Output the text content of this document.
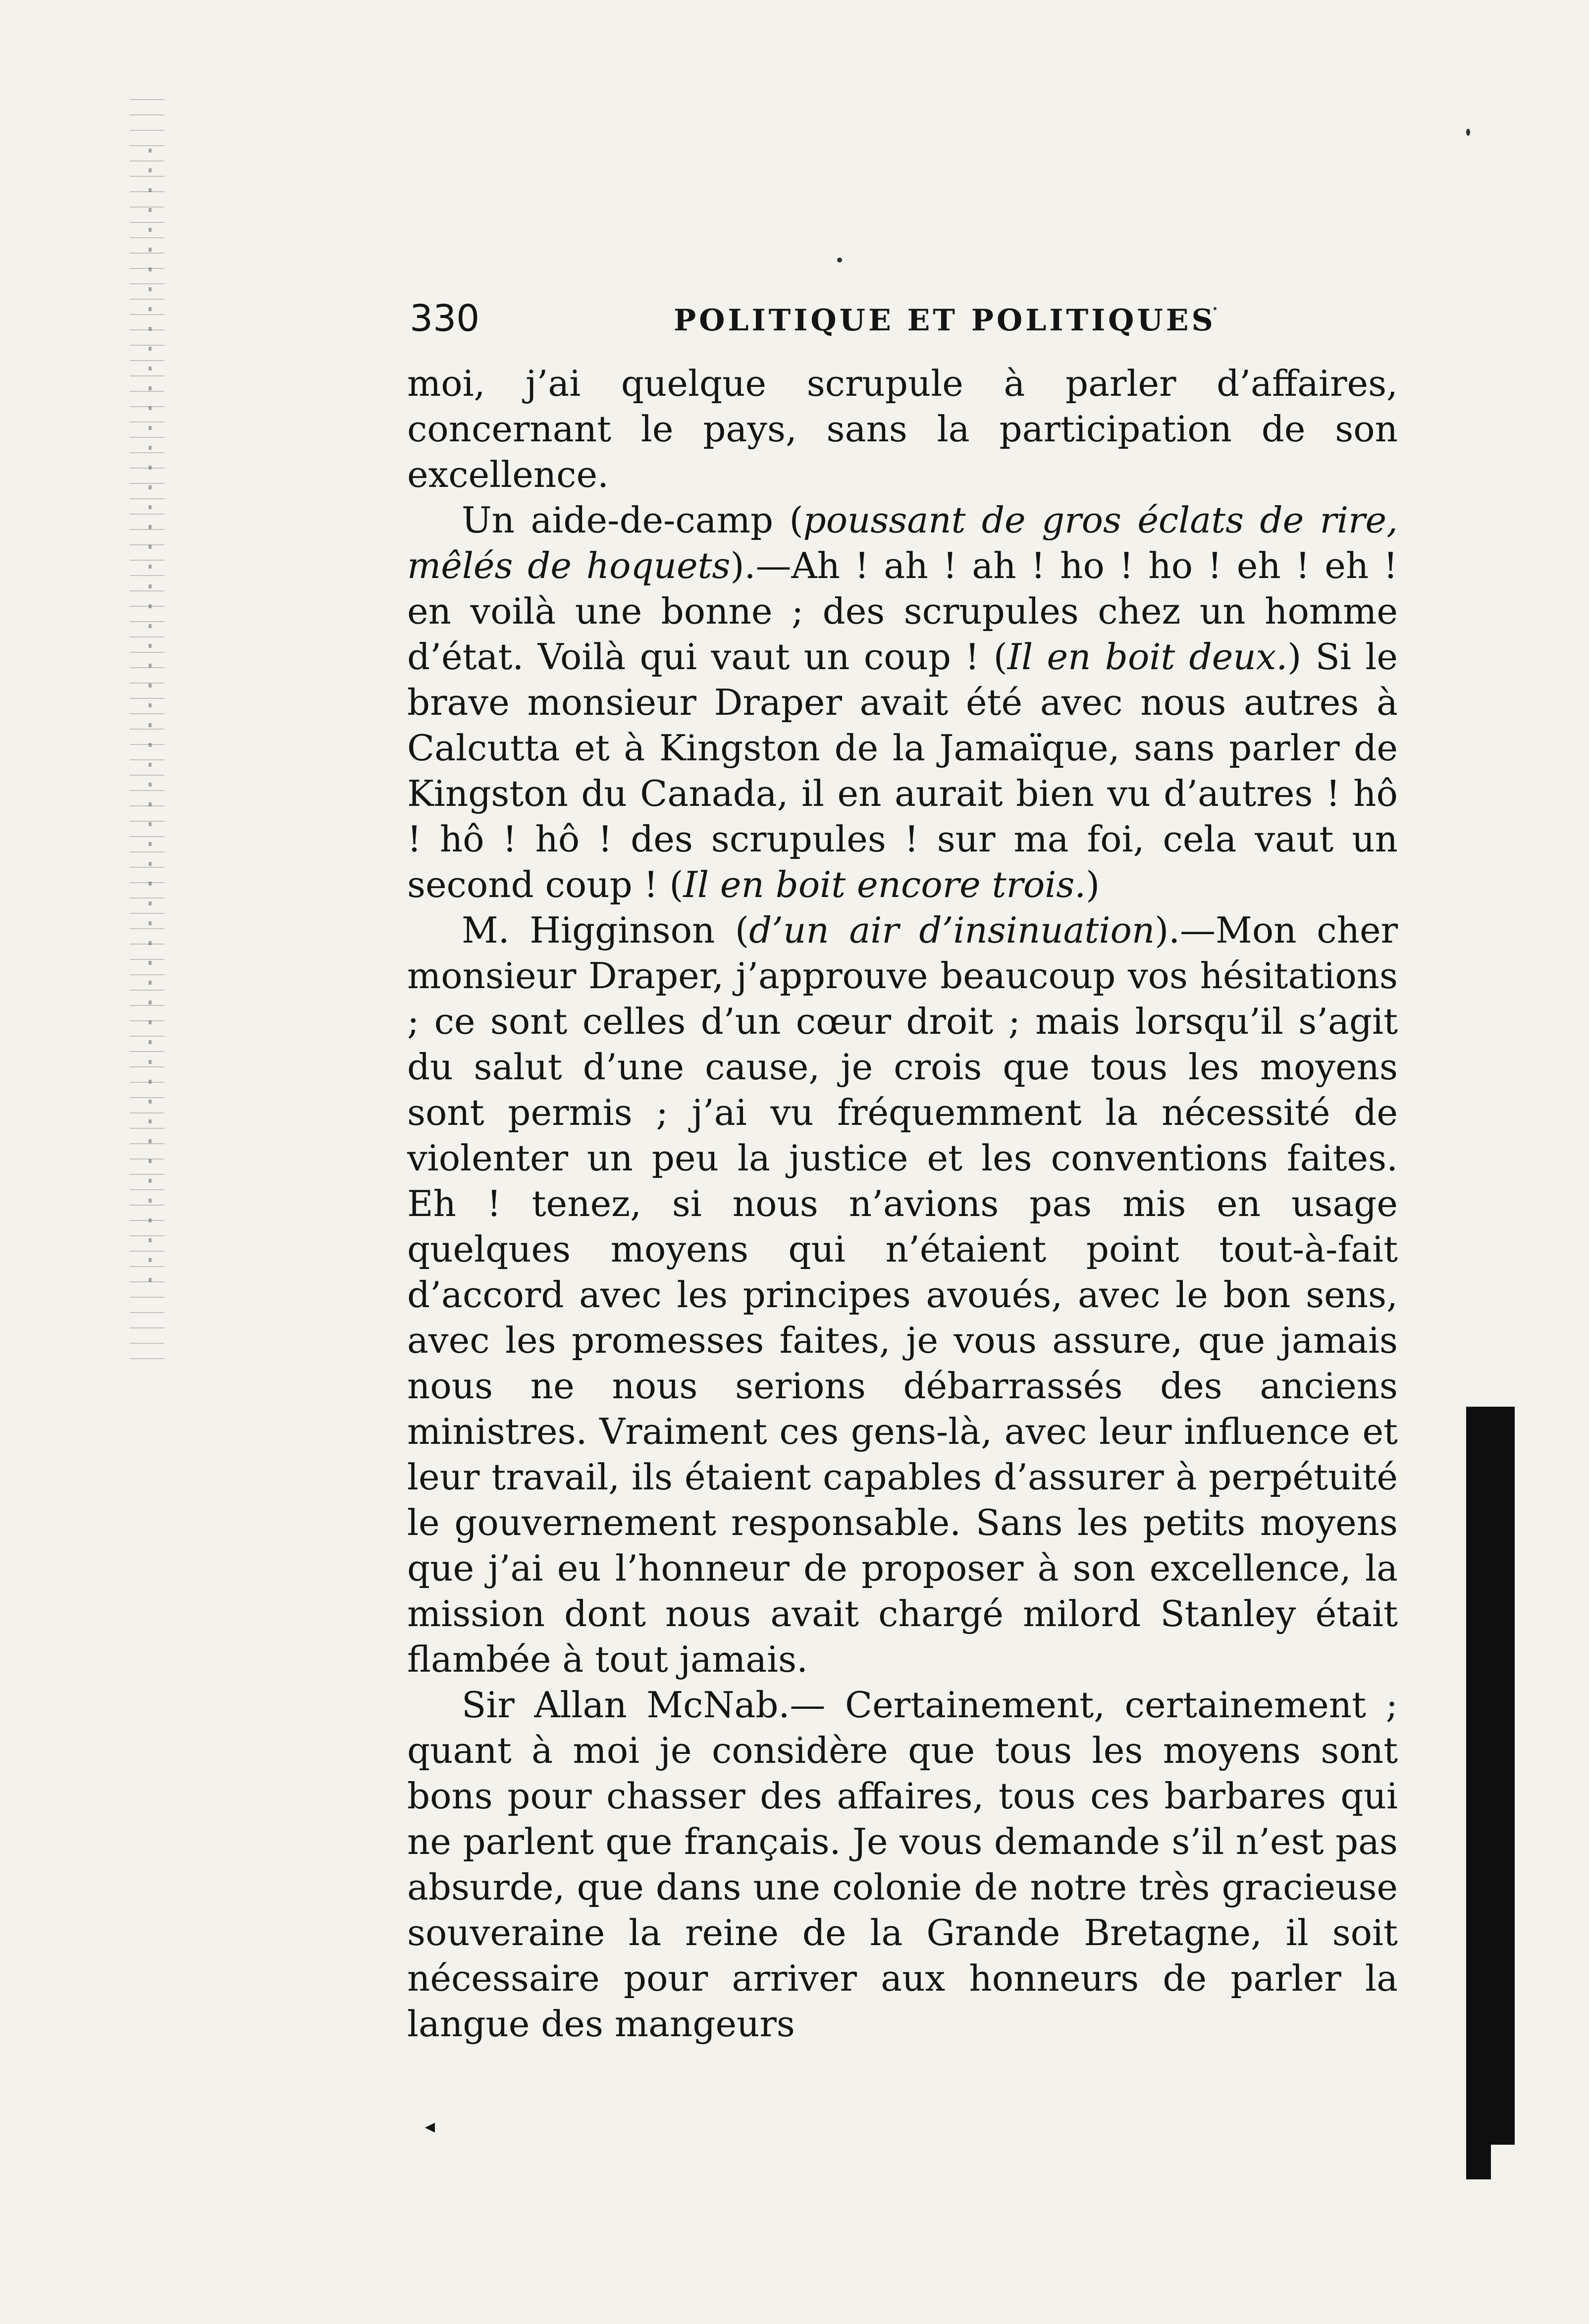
330	POLITIQUE ET POLITIQUES

moi, j’ai quelque scrupule à parler d’affaires, concernant le pays, sans la participation de son excellence.

Un aide-de-camp (poussant de gros éclats de rire, mêlés de hoquets).—Ah ! ah ! ah ! ho ! ho ! eh ! eh ! en voilà une bonne ; des scrupules chez un homme d’état. Voilà qui vaut un coup ! (Il en boit deux.) Si le brave monsieur Draper avait été avec nous autres à Calcutta et à Kingston de la Jamaïque, sans parler de Kingston du Canada, il en aurait bien vu d’autres ! hô ! hô ! hô ! des scrupules ! sur ma foi, cela vaut un second coup ! (Il en boit encore trois.)

M. Higginson (d’un air d’insinuation).—Mon cher monsieur Draper, j’approuve beaucoup vos hésitations ; ce sont celles d’un cœur droit ; mais lorsqu’il s’agit du salut d’une cause, je crois que tous les moyens sont permis ; j’ai vu fréquemment la nécessité de violenter un peu la justice et les conventions faites. Eh ! tenez, si nous n’avions pas mis en usage quelques moyens qui n’étaient point tout-à-fait d’accord avec les principes avoués, avec le bon sens, avec les promesses faites, je vous assure, que jamais nous ne nous serions débarrassés des anciens ministres. Vraiment ces gens-là, avec leur influence et leur travail, ils étaient capables d’assurer à perpétuité le gouvernement responsable. Sans les petits moyens que j’ai eu l’honneur de proposer à son excellence, la mission dont nous avait chargé milord Stanley était flambée à tout jamais.

Sir Allan McNab.— Certainement, certainement ; quant à moi je considère que tous les moyens sont bons pour chasser des affaires, tous ces barbares qui ne parlent que français. Je vous demande s’il n’est pas absurde, que dans une colonie de notre très gracieuse souveraine la reine de la Grande Bretagne, il soit nécessaire pour arriver aux honneurs de parler la langue des mangeurs

◂
